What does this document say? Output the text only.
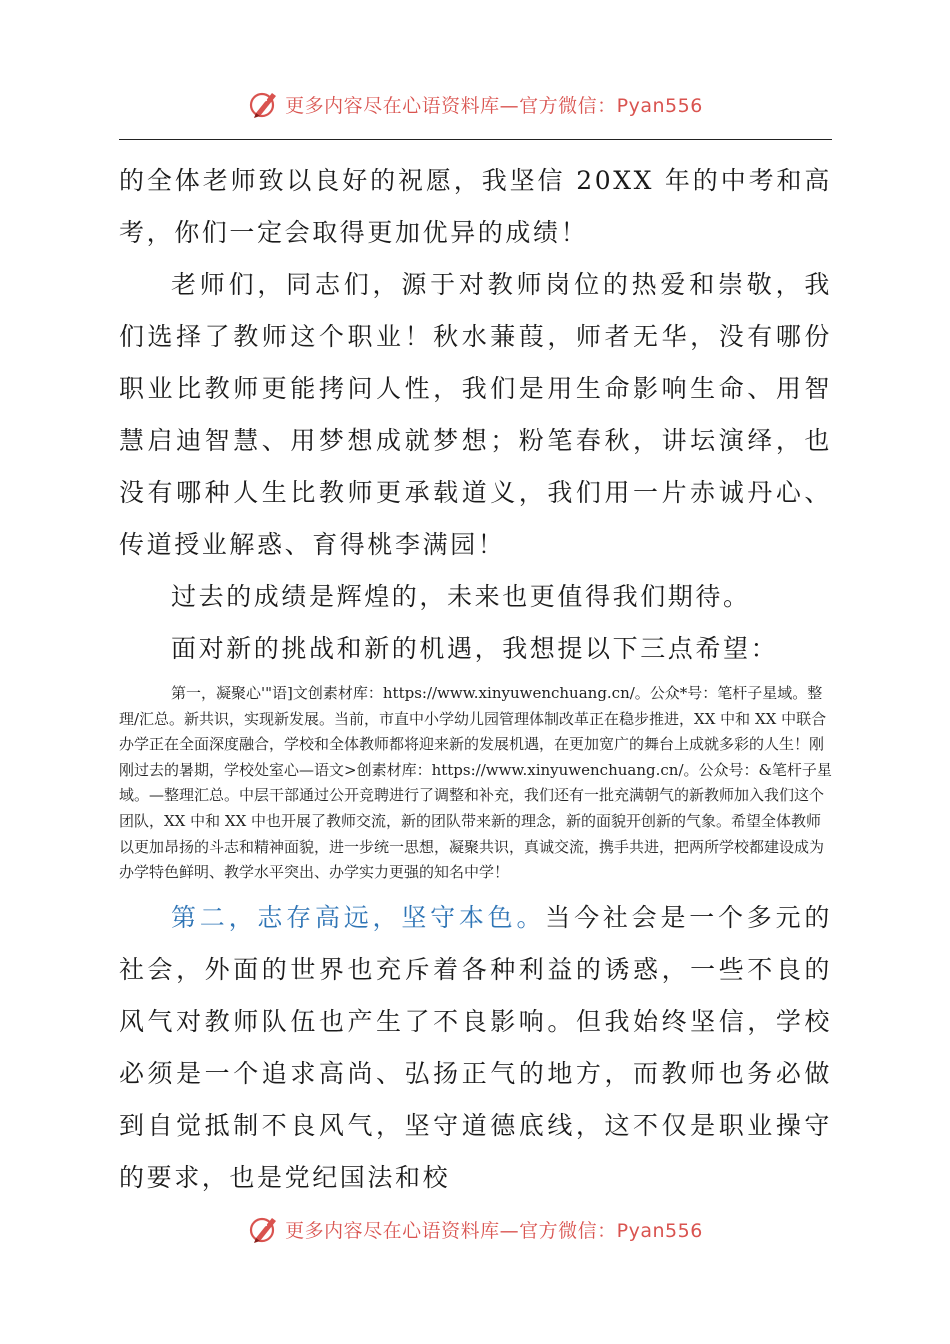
更多内容尽在心语资料库—官方微信：Pyan556

的全体老师致以良好的祝愿，我坚信 20XX 年的中考和高考，你们一定会取得更加优异的成绩！

老师们，同志们，源于对教师岗位的热爱和崇敬，我们选择了教师这个职业！秋水蒹葭，师者无华，没有哪份职业比教师更能拷问人性，我们是用生命影响生命、用智慧启迪智慧、用梦想成就梦想；粉笔春秋，讲坛演绎，也没有哪种人生比教师更承载道义，我们用一片赤诚丹心、传道授业解惑、育得桃李满园！

过去的成绩是辉煌的，未来也更值得我们期待。

面对新的挑战和新的机遇，我想提以下三点希望：

第一，凝聚心'"语]文创素材库：https://www.xinyuwenchuang.cn/。公众*号：笔杆子星域。整理/汇总。新共识，实现新发展。当前，市直中小学幼儿园管理体制改革正在稳步推进，XX 中和 XX 中联合办学正在全面深度融合，学校和全体教师都将迎来新的发展机遇，在更加宽广的舞台上成就多彩的人生！刚刚过去的暑期，学校处室心—语文>创素材库：https://www.xinyuwenchuang.cn/。公众号：&笔杆子星域。—整理汇总。中层干部通过公开竞聘进行了调整和补充，我们还有一批充满朝气的新教师加入我们这个团队，XX 中和 XX 中也开展了教师交流，新的团队带来新的理念，新的面貌开创新的气象。希望全体教师以更加昂扬的斗志和精神面貌，进一步统一思想，凝聚共识，真诚交流，携手共进，把两所学校都建设成为办学特色鲜明、教学水平突出、办学实力更强的知名中学！

第二，志存高远，坚守本色。当今社会是一个多元的社会，外面的世界也充斥着各种利益的诱惑，一些不良的风气对教师队伍也产生了不良影响。但我始终坚信，学校必须是一个追求高尚、弘扬正气的地方，而教师也务必做到自觉抵制不良风气，坚守道德底线，这不仅是职业操守的要求，也是党纪国法和校

更多内容尽在心语资料库—官方微信：Pyan556
